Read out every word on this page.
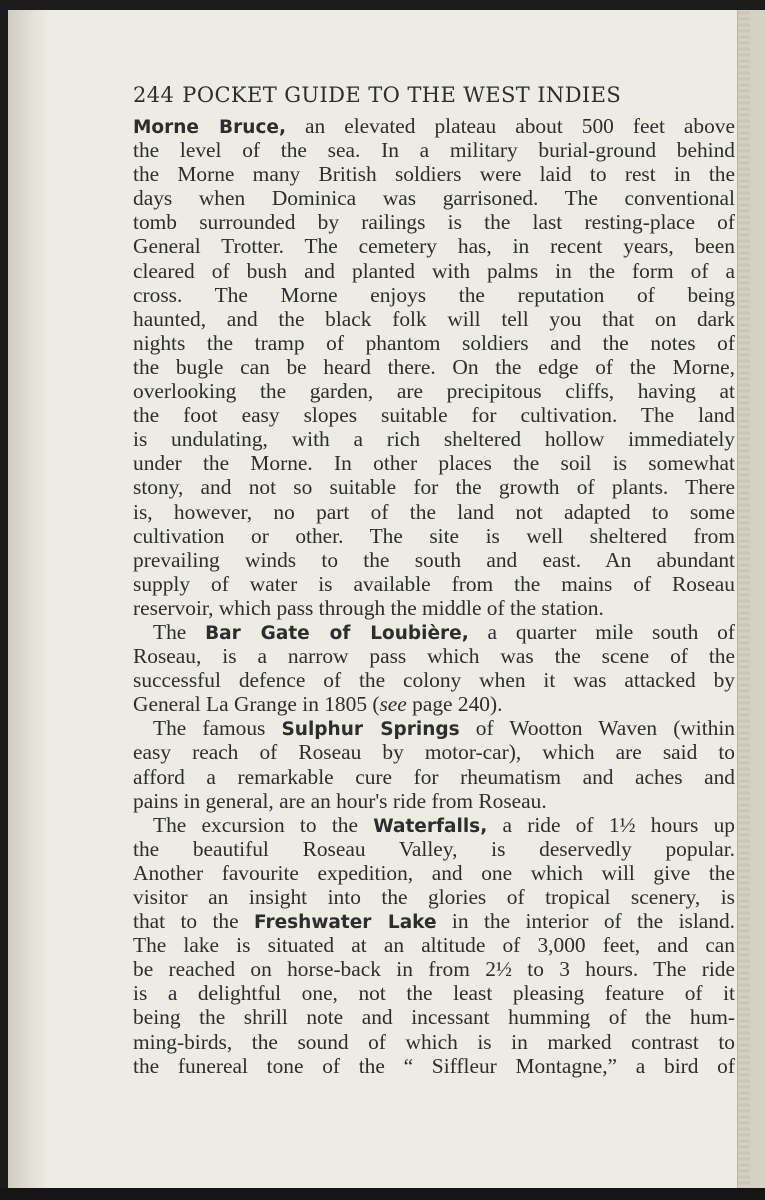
244 POCKET GUIDE TO THE WEST INDIES
Morne Bruce, an elevated plateau about 500 feet above
the level of the sea. In a military burial-ground behind
the Morne many British soldiers were laid to rest in the
days when Dominica was garrisoned. The conventional
tomb surrounded by railings is the last resting-place of
General Trotter. The cemetery has, in recent years, been
cleared of bush and planted with palms in the form of a
cross. The Morne enjoys the reputation of being
haunted, and the black folk will tell you that on dark
nights the tramp of phantom soldiers and the notes of
the bugle can be heard there. On the edge of the Morne,
overlooking the garden, are precipitous cliffs, having at
the foot easy slopes suitable for cultivation. The land
is undulating, with a rich sheltered hollow immediately
under the Morne. In other places the soil is somewhat
stony, and not so suitable for the growth of plants. There
is, however, no part of the land not adapted to some
cultivation or other. The site is well sheltered from
prevailing winds to the south and east. An abundant
supply of water is available from the mains of Roseau
reservoir, which pass through the middle of the station.
The Bar Gate of Loubière, a quarter mile south of
Roseau, is a narrow pass which was the scene of the
successful defence of the colony when it was attacked by
General La Grange in 1805 (see page 240).
The famous Sulphur Springs of Wootton Waven (within
easy reach of Roseau by motor-car), which are said to
afford a remarkable cure for rheumatism and aches and
pains in general, are an hour's ride from Roseau.
The excursion to the Waterfalls, a ride of 1½ hours up
the beautiful Roseau Valley, is deservedly popular.
Another favourite expedition, and one which will give the
visitor an insight into the glories of tropical scenery, is
that to the Freshwater Lake in the interior of the island.
The lake is situated at an altitude of 3,000 feet, and can
be reached on horse-back in from 2½ to 3 hours. The ride
is a delightful one, not the least pleasing feature of it
being the shrill note and incessant humming of the hum-
ming-birds, the sound of which is in marked contrast to
the funereal tone of the “ Siffleur Montagne,” a bird of
